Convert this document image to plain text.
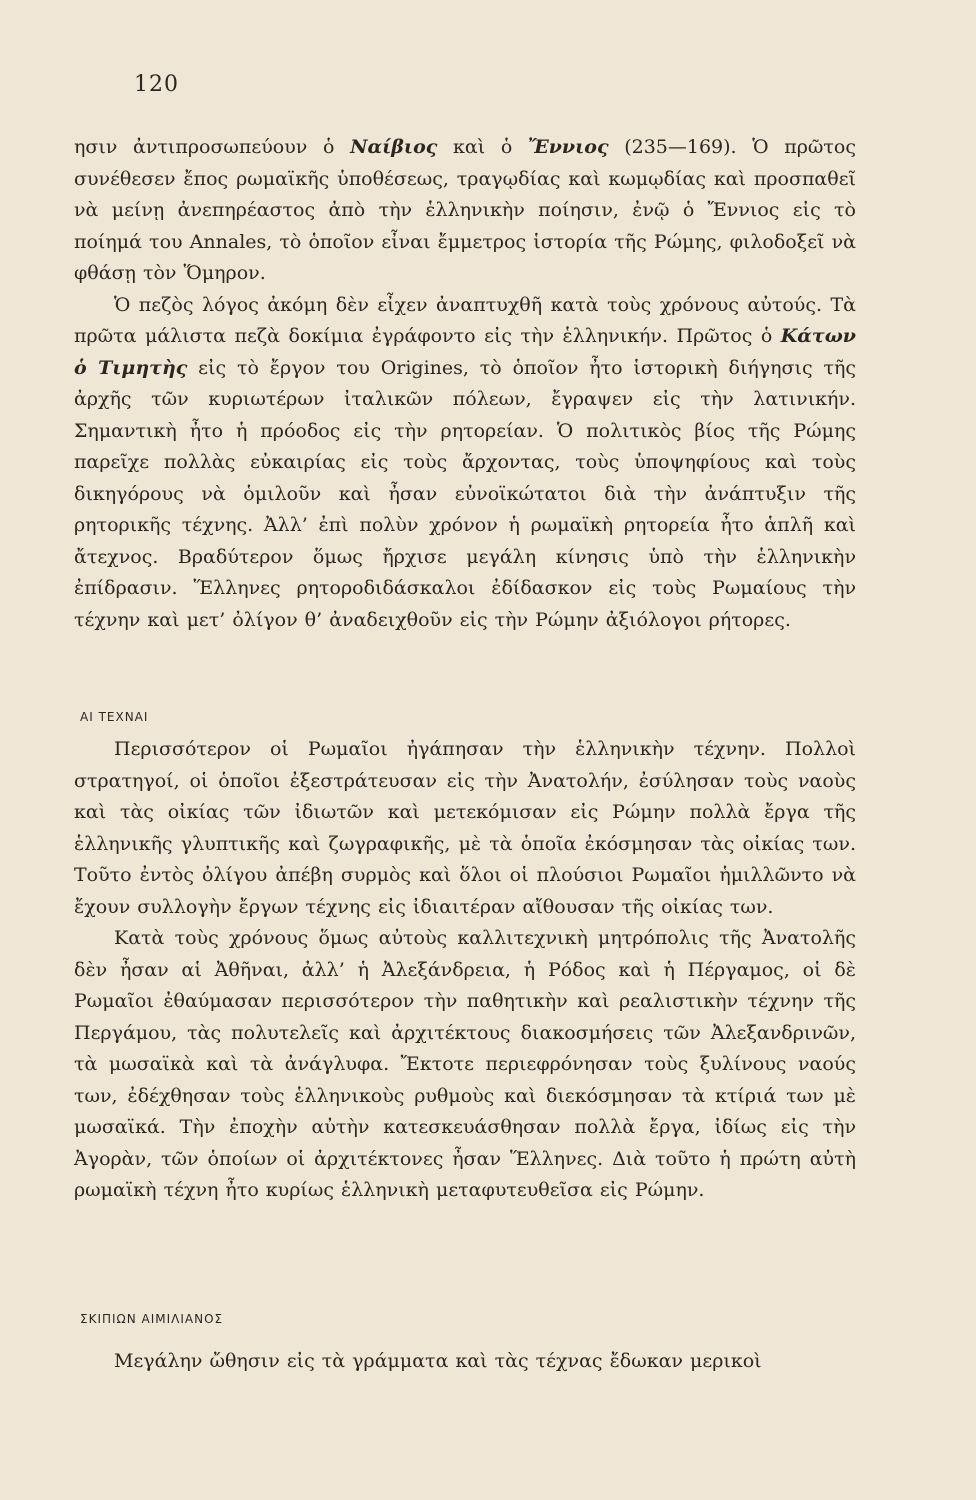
120

ησιν ἀντιπροσωπεύουν ὁ Ναίβιος καὶ ὁ Ἔννιος (235—169). Ὁ πρῶτος συνέθεσεν ἔπος ρωμαϊκῆς ὑποθέσεως, τραγῳδίας καὶ κωμῳδίας καὶ προσπαθεῖ νὰ μείνῃ ἀνεπηρέαστος ἀπὸ τὴν ἑλληνικὴν ποίησιν, ἐνῷ ὁ Ἔννιος εἰς τὸ ποίημά του Annales, τὸ ὁποῖον εἶναι ἔμμετρος ἱστορία τῆς Ρώμης, φιλοδοξεῖ νὰ φθάσῃ τὸν Ὅμηρον.

Ὁ πεζὸς λόγος ἀκόμη δὲν εἶχεν ἀναπτυχθῆ κατὰ τοὺς χρόνους αὐτούς. Τὰ πρῶτα μάλιστα πεζὰ δοκίμια ἐγράφοντο εἰς τὴν ἑλληνικήν. Πρῶτος ὁ Κάτων ὁ Τιμητὴς εἰς τὸ ἔργον του Origines, τὸ ὁποῖον ἦτο ἱστορικὴ διήγησις τῆς ἀρχῆς τῶν κυριωτέρων ἰταλικῶν πόλεων, ἔγραψεν εἰς τὴν λατινικήν. Σημαντικὴ ἦτο ἡ πρόοδος εἰς τὴν ρητορείαν. Ὁ πολιτικὸς βίος τῆς Ρώμης παρεῖχε πολλὰς εὐκαιρίας εἰς τοὺς ἄρχοντας, τοὺς ὑποψηφίους καὶ τοὺς δικηγόρους νὰ ὁμιλοῦν καὶ ἦσαν εὐνοϊκώτατοι διὰ τὴν ἀνάπτυξιν τῆς ρητορικῆς τέχνης. Ἀλλ’ ἐπὶ πολὺν χρόνον ἡ ρωμαϊκὴ ρητορεία ἦτο ἁπλῆ καὶ ἄτεχνος. Βραδύτερον ὅμως ἤρχισε μεγάλη κίνησις ὑπὸ τὴν ἑλληνικὴν ἐπίδρασιν. Ἕλληνες ρητοροδιδάσκαλοι ἐδίδασκον εἰς τοὺς Ρωμαίους τὴν τέχνην καὶ μετ’ ὀλίγον θ’ ἀναδειχθοῦν εἰς τὴν Ρώμην ἀξιόλογοι ρήτορες.

ΑΙ ΤΕΧΝΑΙ

Περισσότερον οἱ Ρωμαῖοι ἠγάπησαν τὴν ἑλληνικὴν τέχνην. Πολλοὶ στρατηγοί, οἱ ὁποῖοι ἐξεστράτευσαν εἰς τὴν Ἀνατολήν, ἐσύλησαν τοὺς ναοὺς καὶ τὰς οἰκίας τῶν ἰδιωτῶν καὶ μετεκόμισαν εἰς Ρώμην πολλὰ ἔργα τῆς ἑλληνικῆς γλυπτικῆς καὶ ζωγραφικῆς, μὲ τὰ ὁποῖα ἐκόσμησαν τὰς οἰκίας των. Τοῦτο ἐντὸς ὀλίγου ἀπέβη συρμὸς καὶ ὅλοι οἱ πλούσιοι Ρωμαῖοι ἡμιλλῶντο νὰ ἔχουν συλλογὴν ἔργων τέχνης εἰς ἰδιαιτέραν αἴθουσαν τῆς οἰκίας των.

Κατὰ τοὺς χρόνους ὅμως αὐτοὺς καλλιτεχνικὴ μητρόπολις τῆς Ἀνατολῆς δὲν ἦσαν αἱ Ἀθῆναι, ἀλλ’ ἡ Ἀλεξάνδρεια, ἡ Ρόδος καὶ ἡ Πέργαμος, οἱ δὲ Ρωμαῖοι ἐθαύμασαν περισσότερον τὴν παθητικὴν καὶ ρεαλιστικὴν τέχνην τῆς Περγάμου, τὰς πολυτελεῖς καὶ ἀρχιτέκτους διακοσμήσεις τῶν Ἀλεξανδρινῶν, τὰ μωσαϊκὰ καὶ τὰ ἀνάγλυφα. Ἔκτοτε περιεφρόνησαν τοὺς ξυλίνους ναούς των, ἐδέχθησαν τοὺς ἑλληνικοὺς ρυθμοὺς καὶ διεκόσμησαν τὰ κτίριά των μὲ μωσαϊκά. Τὴν ἐποχὴν αὐτὴν κατεσκευάσθησαν πολλὰ ἔργα, ἰδίως εἰς τὴν Ἀγορὰν, τῶν ὁποίων οἱ ἀρχιτέκτονες ἦσαν Ἕλληνες. Διὰ τοῦτο ἡ πρώτη αὐτὴ ρωμαϊκὴ τέχνη ἦτο κυρίως ἑλληνικὴ μεταφυτευθεῖσα εἰς Ρώμην.

ΣΚΙΠΙΩΝ ΑΙΜΙΛΙΑΝΟΣ

Μεγάλην ὤθησιν εἰς τὰ γράμματα καὶ τὰς τέχνας ἔδωκαν μερικοὶ
